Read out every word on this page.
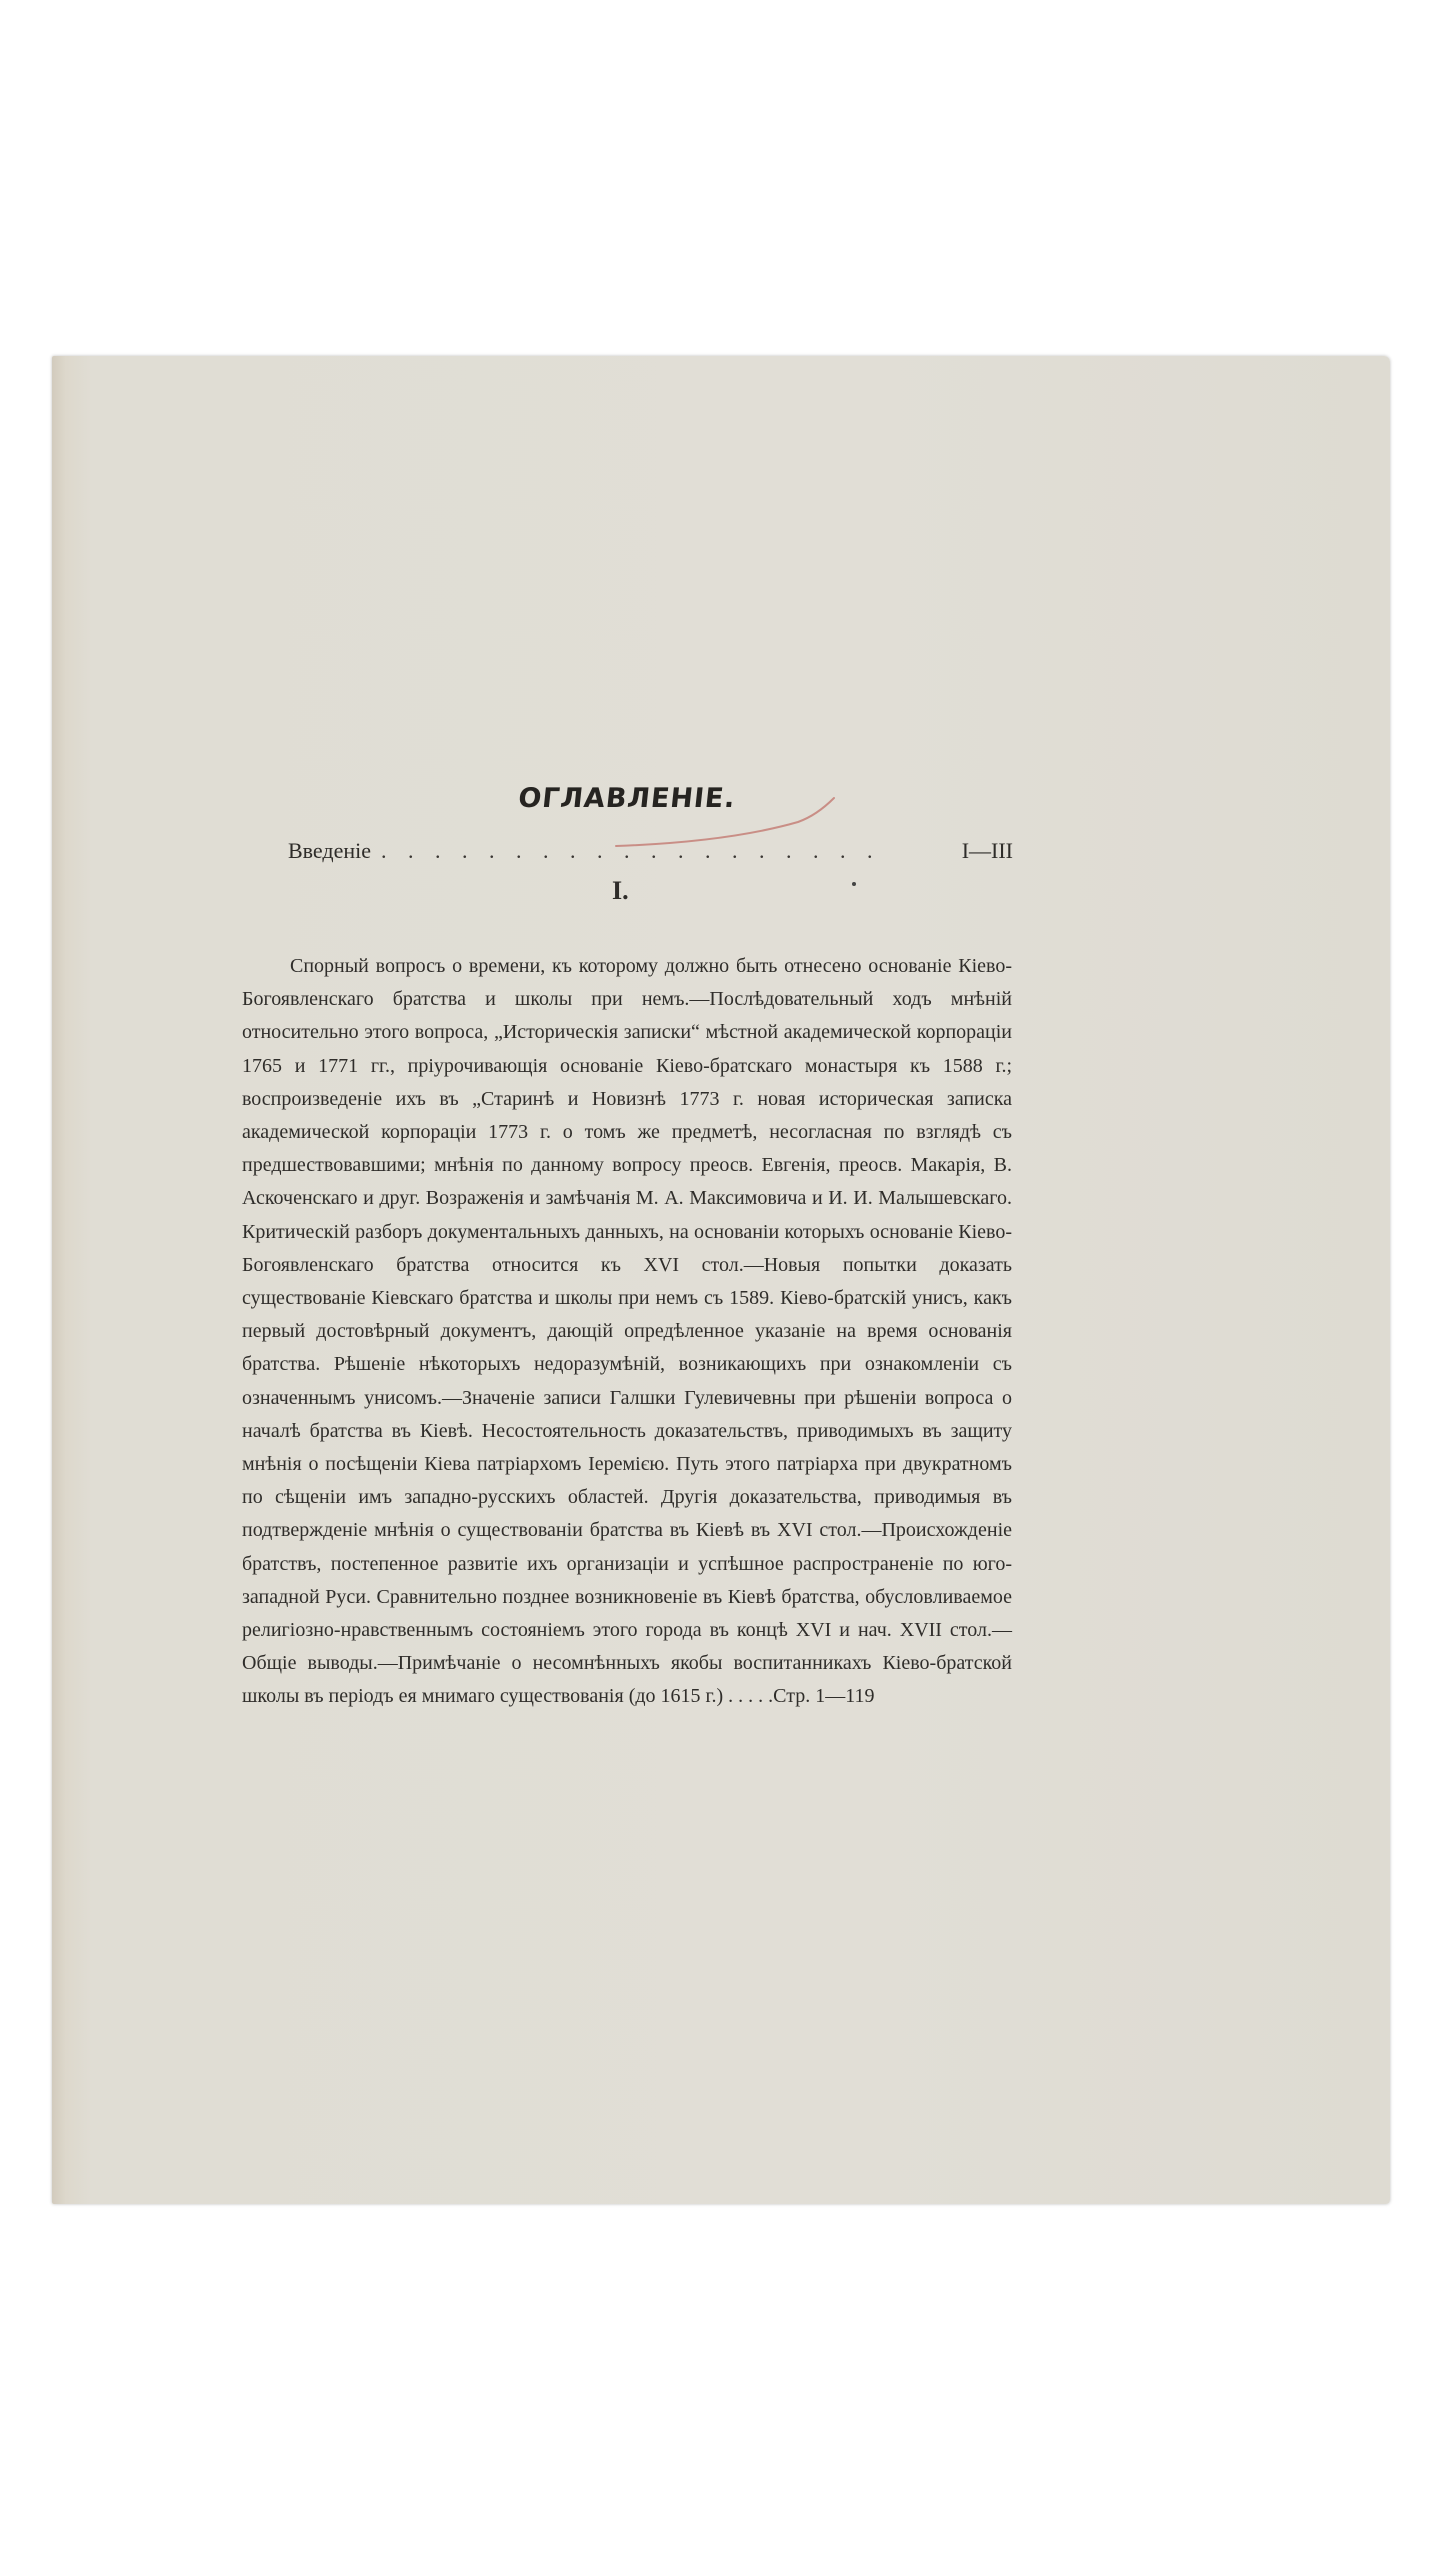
ОГЛАВЛЕНІЕ.
Введеніе . . . . . . . . . . . . . . . . . . .	I—III
I.

Спорный вопросъ о времени, къ которому должно быть отнесено основаніе Кіево-Богоявленскаго братства и школы при немъ.—Послѣдовательный ходъ мнѣній относительно этого вопроса, „Историческія записки“ мѣстной академической корпораціи 1765 и 1771 гг., пріурочивающія основаніе Кіево-братскаго монастыря къ 1588 г.; воспроизведеніе ихъ въ „Старинѣ и Новизнѣ 1773 г. новая историческая записка академической корпораціи 1773 г. о томъ же предметѣ, несогласная по взглядѣ съ предшествовавшими; мнѣнія по данному вопросу преосв. Евгенія, преосв. Макарія, В. Аскоченскаго и друг. Возраженія и замѣчанія М. А. Максимовича и И. И. Малышевскаго. Критическій разборъ документальныхъ данныхъ, на основаніи которыхъ основаніе Кіево-Богоявленскаго братства относится къ XVI стол.—Новыя попытки доказать существованіе Кіевскаго братства и школы при немъ съ 1589. Кіево-братскій унисъ, какъ первый достовѣрный документъ, дающій опредѣленное указаніе на время основанія братства. Рѣшеніе нѣкоторыхъ недоразумѣній, возникающихъ при ознакомленіи съ означеннымъ унисомъ.—Значеніе записи Галшки Гулевичевны при рѣшеніи вопроса о началѣ братства въ Кіевѣ. Несостоятельность доказательствъ, приводимыхъ въ защиту мнѣнія о посѣщеніи Кіева патріархомъ Іеремією. Путь этого патріарха при двукратномъ по сѣщеніи имъ западно-русскихъ областей. Другія доказательства, приводимыя въ подтвержденіе мнѣнія о существованіи братства въ Кіевѣ въ XVI стол.—Происхожденіе братствъ, постепенное развитіе ихъ организаціи и успѣшное распространеніе по юго-западной Руси. Сравнительно позднее возникновеніе въ Кіевѣ братства, обусловливаемое религіозно-нравственнымъ состояніемъ этого города въ концѣ XVI и нач. XVII стол.—Общіе выводы.—Примѣчаніе о несомнѣнныхъ якобы воспитанникахъ Кіево-братской школы въ періодъ ея мнимаго существованія (до 1615 г.) . . . . .Стр. 1—119
